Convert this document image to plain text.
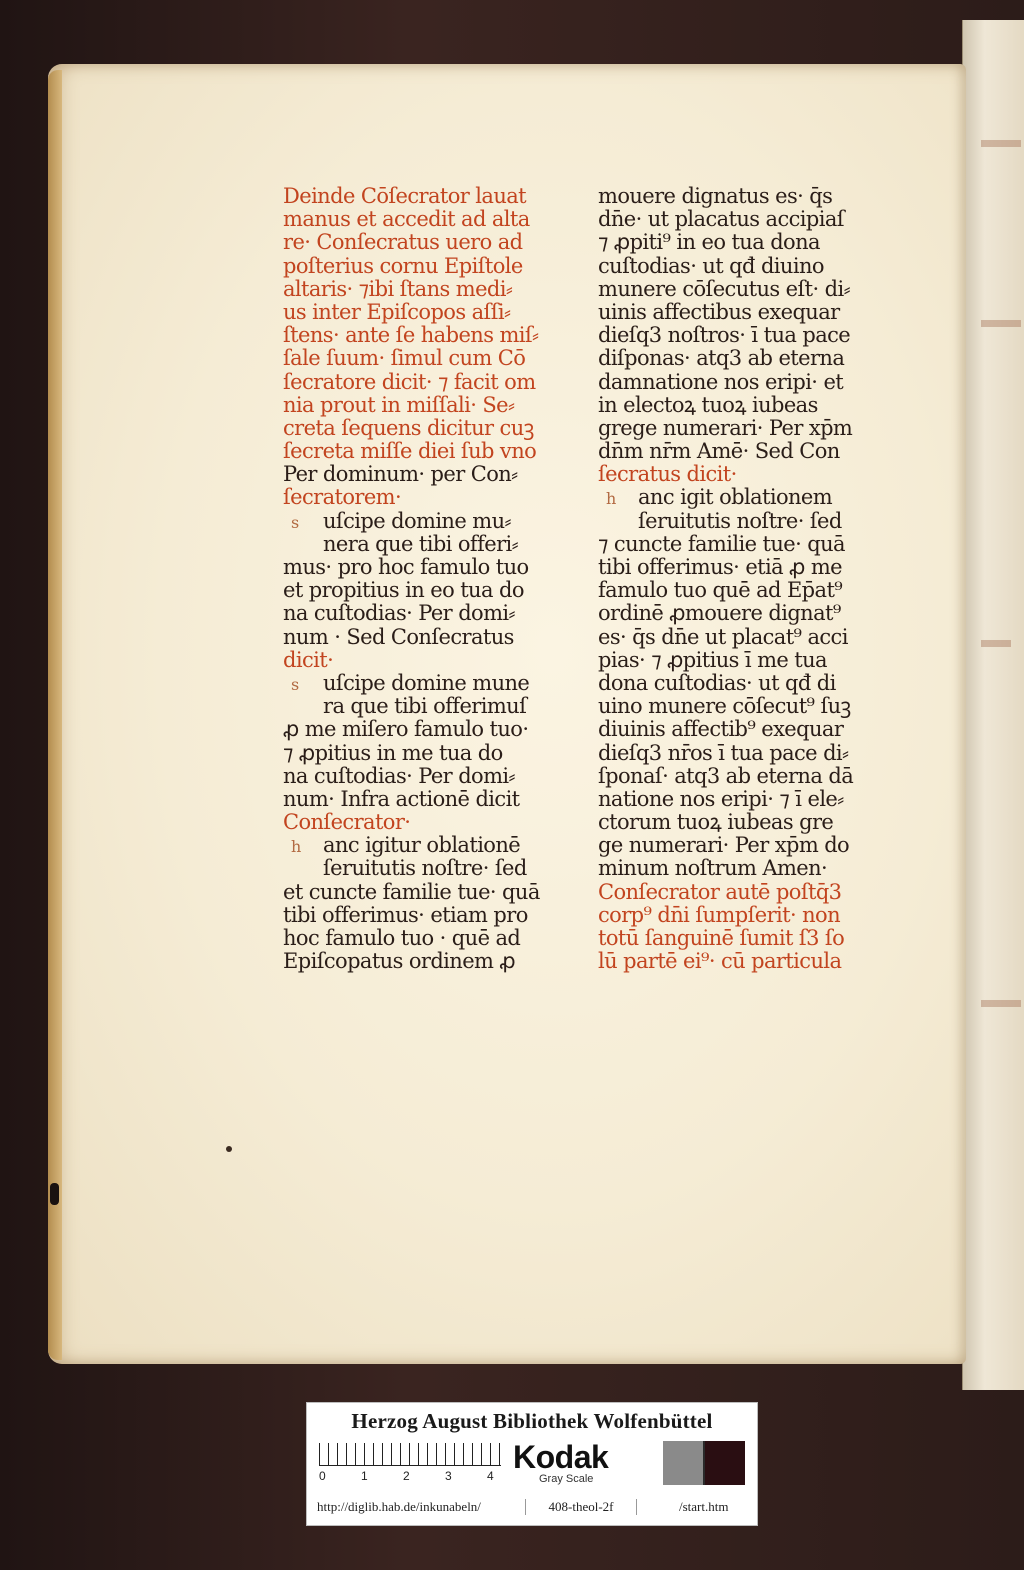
Deinde Cōſecrator lauat
manus et accedit ad alta
re· Conſecratus uero ad
poſterius cornu Epiſtole
altaris· ⁊ibi ſtans medi⸗
us inter Epiſcopos aſſi⸗
ſtens· ante ſe habens miſ⸗
ſale ſuum· ſimul cum Cō
ſecratore dicit· ⁊ facit om
nia prout in miſſali· Se⸗
creta ſequens dicitur cuꝫ
ſecreta miſſe diei ſub vno
Per dominum· per Con⸗
ſecratorem·
s uſcipe domine mu⸗
nera que tibi offeri⸗
mus· pro hoc famulo tuo
et propitius in eo tua do
na cuſtodias· Per domi⸗
num · Sed Conſecratus
dicit·
s uſcipe domine mune
ra que tibi offerimuſ
ꝓ me miſero famulo tuo·
⁊ ꝓpitius in me tua do
na cuſtodias· Per domi⸗
num· Infra actionē dicit
Conſecrator·
h anc igitur oblationē
ſeruitutis noſtre· ſed
et cuncte familie tue· quā
tibi offerimus· etiam pro
hoc famulo tuo · quē ad
Epiſcopatus ordinem ꝓ
mouere dignatus es· q̄s
dn̄e· ut placatus accipiaſ
⁊ ꝓpiti⁹ in eo tua dona
cuſtodias· ut qđ diuino
munere cōſecutus eſt· di⸗
uinis affectibus exequar
dieſq3 noſtros· ī tua pace
diſponas· atq3 ab eterna
damnatione nos eripi· et
in electoꝝ tuoꝝ iubeas
grege numerari· Per xp̄m
dn̄m nr̄m Amē· Sed Con
ſecratus dicit·
h anc igit oblationem
ſeruitutis noſtre· ſed
⁊ cuncte familie tue· quā
tibi offerimus· etiā ꝓ me
famulo tuo quē ad Ep̄at⁹
ordinē ꝓmouere dignat⁹
es· q̄s dn̄e ut placat⁹ acci
pias· ⁊ ꝓpitius ī me tua
dona cuſtodias· ut qđ di
uino munere cōſecut⁹ ſuꝫ
diuinis affectib⁹ exequar
dieſq3 nr̄os ī tua pace di⸗
ſponaſ· atq3 ab eterna dā
natione nos eripi· ⁊ ī ele⸗
ctorum tuoꝝ iubeas gre
ge numerari· Per xp̄m do
minum noſtrum Amen·
Conſecrator autē poſtq̄3
corp⁹ dn̄i ſumpſerit· non
totū ſanguinē ſumit ſ3 ſo
lū partē ei⁹· cū particula
Herzog August Bibliothek Wolfenbüttel
0	1	2	3	4
Kodak
Gray Scale
http://diglib.hab.de/inkunabeln/	408-theol-2f	/start.htm
